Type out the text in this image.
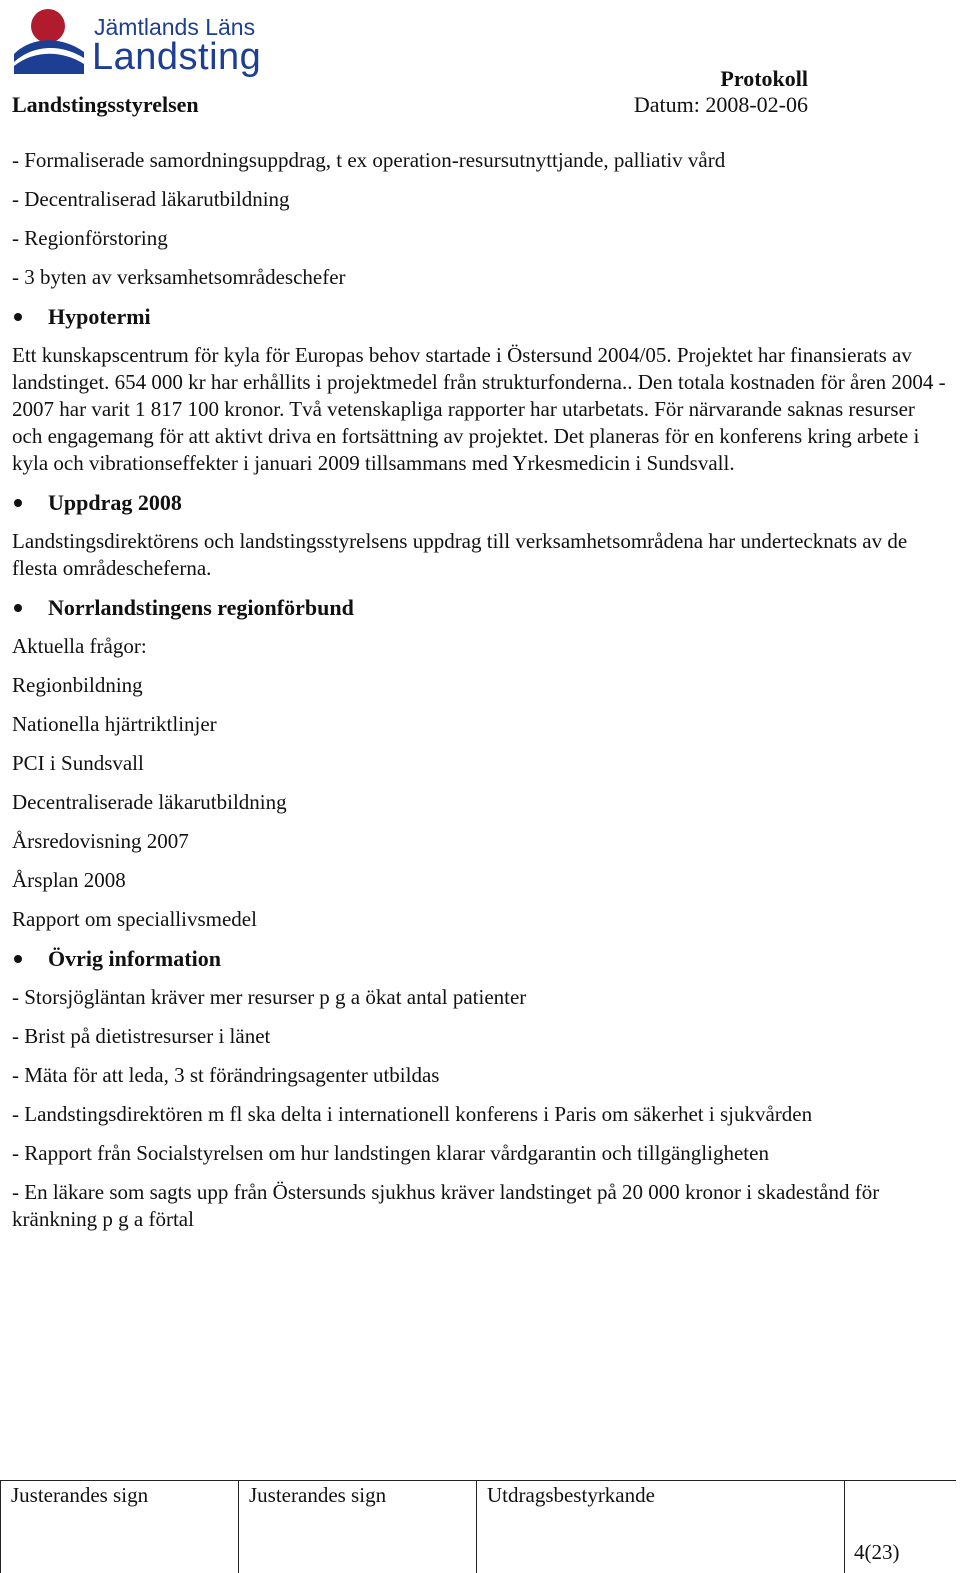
Jämtlands Läns
Landsting
Landstingsstyrelsen
Protokoll
Datum: 2008-02-06
- Formaliserade samordningsuppdrag, t ex operation-resursutnyttjande, palliativ vård
- Decentraliserad läkarutbildning
- Regionförstoring
- 3 byten av verksamhetsområdeschefer
Hypotermi
Ett kunskapscentrum för kyla för Europas behov startade i Östersund 2004/05. Projektet har finansierats av landstinget. 654 000 kr har erhållits i projektmedel från strukturfonderna.. Den totala kostnaden för åren 2004 - 2007 har varit 1 817 100 kronor. Två vetenskapliga rapporter har utarbetats. För närvarande saknas resurser och engagemang för att aktivt driva en fortsättning av projektet. Det planeras för en konferens kring arbete i kyla och vibrationseffekter i januari 2009 tillsammans med Yrkesmedicin i Sundsvall.
Uppdrag 2008
Landstingsdirektörens och landstingsstyrelsens uppdrag till verksamhetsområdena har undertecknats av de flesta områdescheferna.
Norrlandstingens regionförbund
Aktuella frågor:
Regionbildning
Nationella hjärtriktlinjer
PCI i Sundsvall
Decentraliserade läkarutbildning
Årsredovisning 2007
Årsplan 2008
Rapport om speciallivsmedel
Övrig information
- Storsjögläntan kräver mer resurser p g a ökat antal patienter
- Brist på dietistresurser i länet
- Mäta för att leda, 3 st förändringsagenter utbildas
- Landstingsdirektören m fl ska delta i internationell konferens i Paris om säkerhet i sjukvården
- Rapport från Socialstyrelsen om hur landstingen klarar vårdgarantin och tillgängligheten
- En läkare som sagts upp från Östersunds sjukhus kräver landstinget på 20 000 kronor i skadestånd för kränkning p g a förtal
Justerandes sign	Justerandes sign	Utdragsbestyrkande
4(23)
